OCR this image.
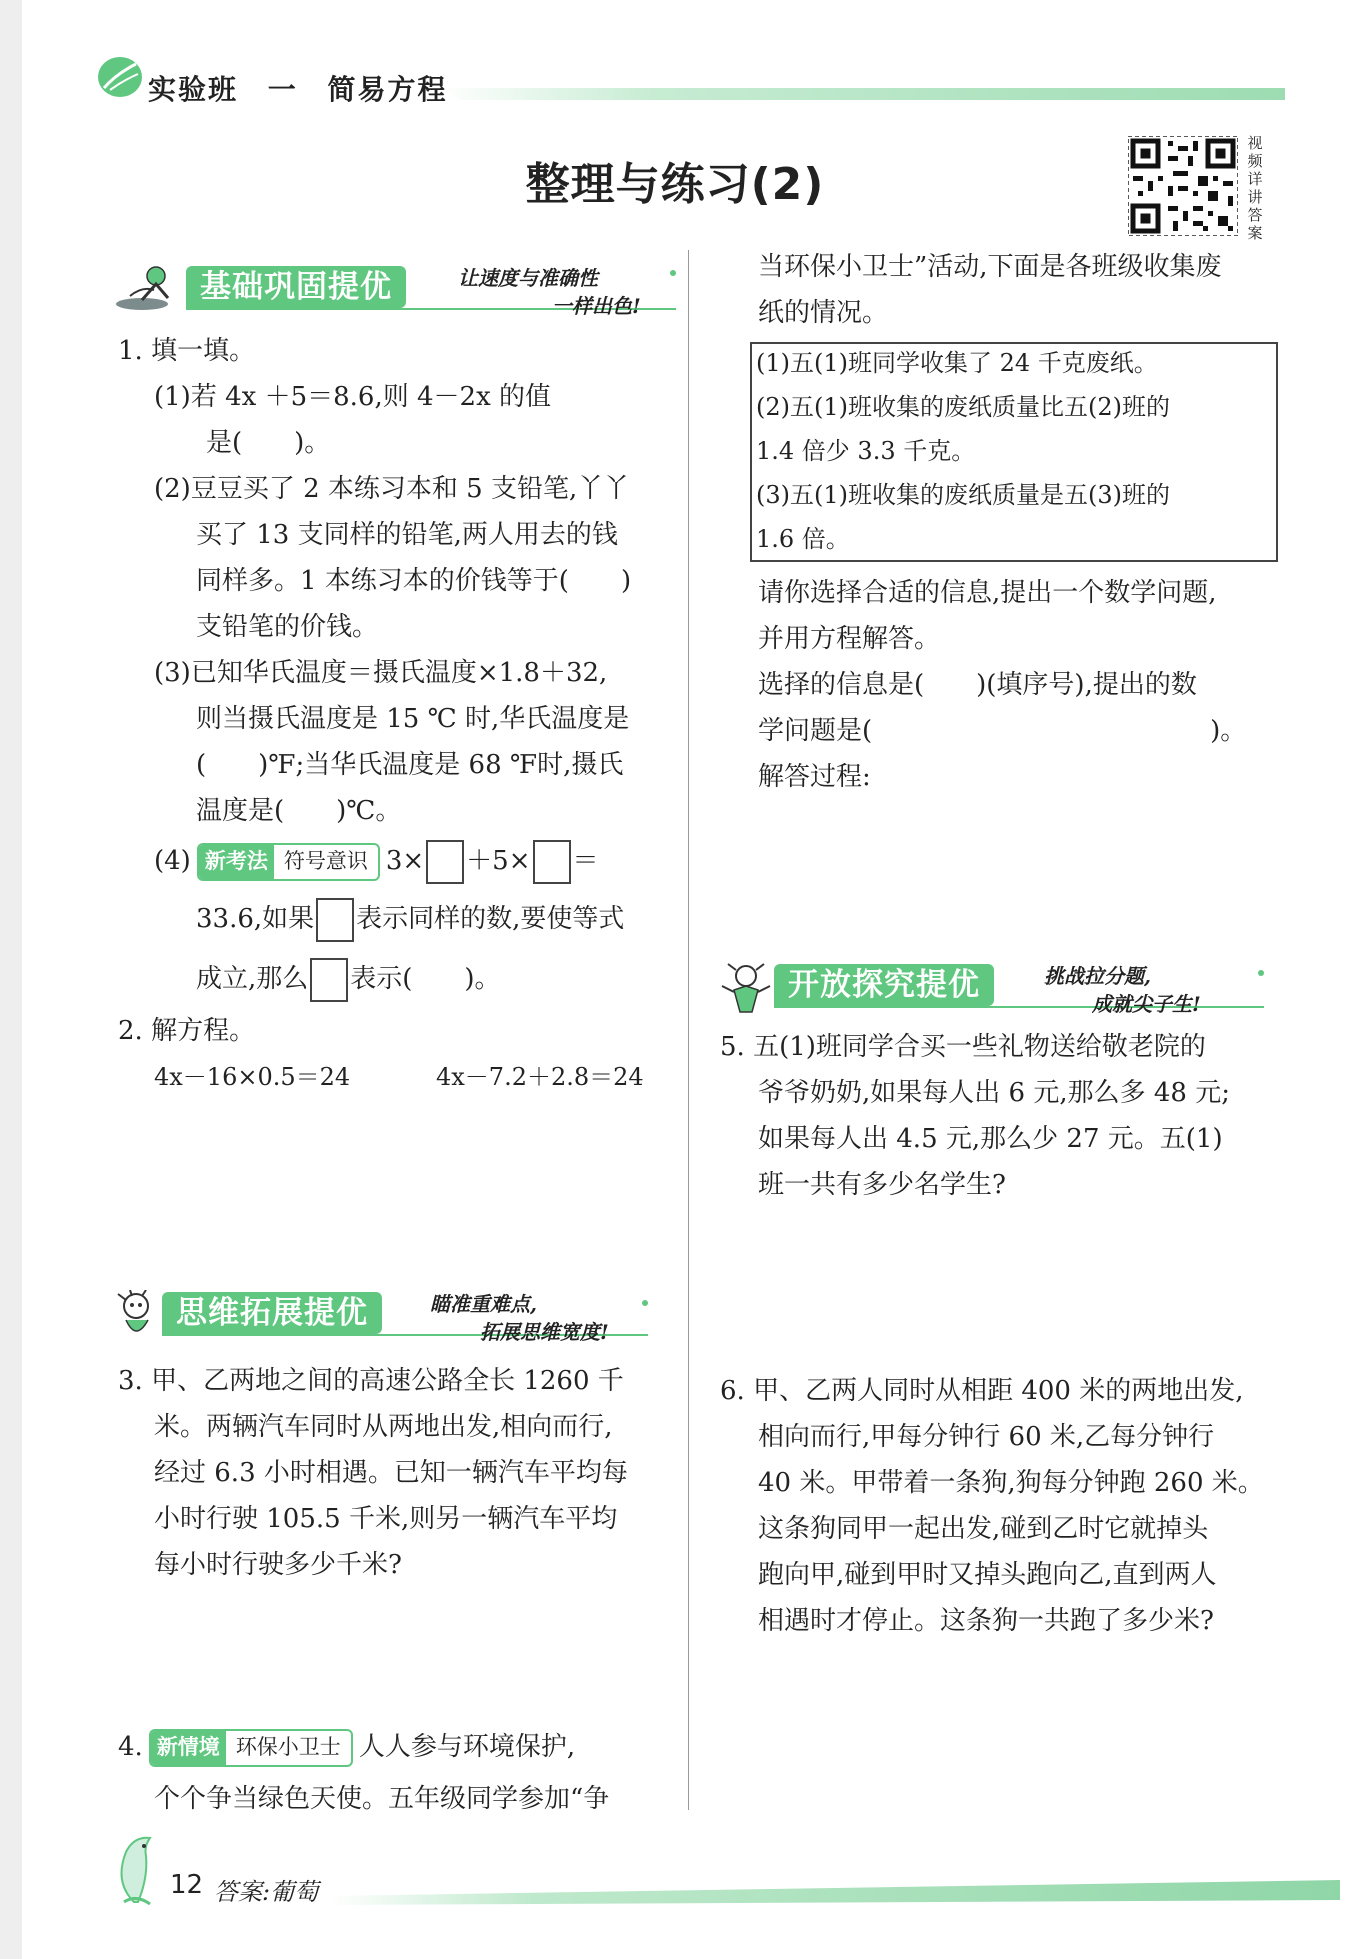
实验班 一 简易方程
整理与练习(2)
视频详讲答案
基础巩固提优	让速度与准确性
一样出色!
1. 填一填。
(1)若 4x ＋5＝8.6,则 4－2x 的值
是(　　)。
(2)豆豆买了 2 本练习本和 5 支铅笔,丫丫
买了 13 支同样的铅笔,两人用去的钱
同样多。1 本练习本的价钱等于(　　)
支铅笔的价钱。
(3)已知华氏温度＝摄氏温度×1.8＋32,
则当摄氏温度是 15 ℃ 时,华氏温度是
(　　)℉;当华氏温度是 68 ℉时,摄氏
温度是(　　)℃。
(4) 新考法 符号意识 3× ＋5× ＝
33.6,如果 表示同样的数,要使等式
成立,那么 表示(　　)。
2. 解方程。
4x－16×0.5＝24	4x－7.2＋2.8＝24
思维拓展提优	瞄准重难点,
拓展思维宽度!
3. 甲、乙两地之间的高速公路全长 1260 千
米。两辆汽车同时从两地出发,相向而行,
经过 6.3 小时相遇。已知一辆汽车平均每
小时行驶 105.5 千米,则另一辆汽车平均
每小时行驶多少千米?
4. 新情境 环保小卫士 人人参与环境保护,
个个争当绿色天使。五年级同学参加“争
当环保小卫士”活动,下面是各班级收集废
纸的情况。
(1)五(1)班同学收集了 24 千克废纸。
(2)五(1)班收集的废纸质量比五(2)班的
1.4 倍少 3.3 千克。
(3)五(1)班收集的废纸质量是五(3)班的
1.6 倍。
请你选择合适的信息,提出一个数学问题,
并用方程解答。
选择的信息是(　　)(填序号),提出的数
学问题是(　　　　　　　　　　　　　)。
解答过程:
开放探究提优	挑战拉分题,
成就尖子生!
5. 五(1)班同学合买一些礼物送给敬老院的
爷爷奶奶,如果每人出 6 元,那么多 48 元;
如果每人出 4.5 元,那么少 27 元。五(1)
班一共有多少名学生?
6. 甲、乙两人同时从相距 400 米的两地出发,
相向而行,甲每分钟行 60 米,乙每分钟行
40 米。甲带着一条狗,狗每分钟跑 260 米。
这条狗同甲一起出发,碰到乙时它就掉头
跑向甲,碰到甲时又掉头跑向乙,直到两人
相遇时才停止。这条狗一共跑了多少米?
12 答案:葡萄
